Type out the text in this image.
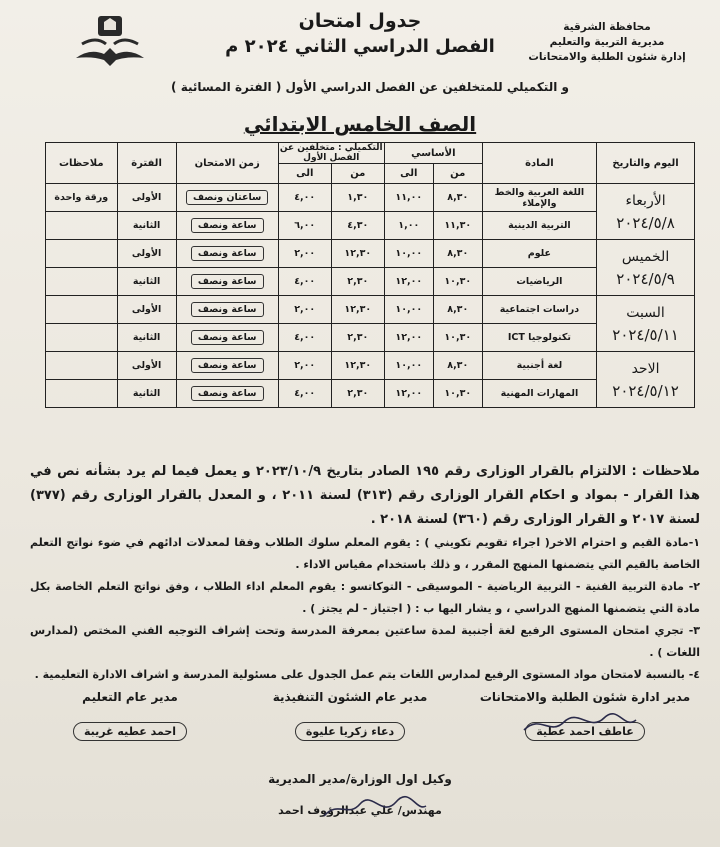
محافظة الشرقية
مديرية التربية والتعليم
إدارة شئون الطلبة والامتحانات
جدول امتحان
الفصل الدراسي الثاني ٢٠٢٤ م
و التكميلي للمتخلفين عن الفصل الدراسي الأول ( الفترة المسائية )
الصف الخامس الابتدائي
اليوم والتاريخ	المادة	الأساسي		التكميلي : متخلفين عن الفصل الأول		زمن الامتحان	الفترة	ملاحظات
		من	الى	من	الى			

الأربعاء
٢٠٢٤/٥/٨	اللغة العربية والخط والإملاء	٨,٣٠	١١,٠٠	١,٣٠	٤,٠٠	ساعتان ونصف	الأولى	ورقة واحدة
	التربية الدينية	١١,٣٠	١,٠٠	٤,٣٠	٦,٠٠	ساعة ونصف	الثانية	

الخميس
٢٠٢٤/٥/٩	علوم	٨,٣٠	١٠,٠٠	١٢,٣٠	٢,٠٠	ساعة ونصف	الأولى	
	الرياضيات	١٠,٣٠	١٢,٠٠	٢,٣٠	٤,٠٠	ساعة ونصف	الثانية	

السبت
٢٠٢٤/٥/١١	دراسات اجتماعية	٨,٣٠	١٠,٠٠	١٢,٣٠	٢,٠٠	ساعة ونصف	الأولى	
	تكنولوجيا ICT	١٠,٣٠	١٢,٠٠	٢,٣٠	٤,٠٠	ساعة ونصف	الثانية	

الاحد
٢٠٢٤/٥/١٢	لغة أجنبية	٨,٣٠	١٠,٠٠	١٢,٣٠	٢,٠٠	ساعة ونصف	الأولى	
	المهارات المهنية	١٠,٣٠	١٢,٠٠	٢,٣٠	٤,٠٠	ساعة ونصف	الثانية	

ملاحظات : الالتزام بالقرار الوزارى رقم ١٩٥ الصادر بتاريخ ٢٠٢٣/١٠/٩ و يعمل فيما لم يرد بشأنه نص في هذا القرار - بمواد و احكام القرار الوزارى رقم (٣١٣) لسنة ٢٠١١ ، و المعدل بالقرار الوزارى رقم (٣٧٧) لسنة ٢٠١٧ و القرار الوزارى رقم (٣٦٠) لسنة ٢٠١٨ .

١-مادة القيم و احترام الاخر( اجراء تقويم تكويني ) : يقوم المعلم سلوك الطلاب وفقا لمعدلات ادائهم في ضوء نواتج التعلم الخاصة بالقيم التي يتضمنها المنهج المقرر ، و ذلك باستخدام مقياس الاداء .

٢- مادة التربية الفنية - التربية الرياضية - الموسيقى - التوكاتسو : يقوم المعلم اداء الطلاب ، وفق نواتج التعلم الخاصة بكل مادة التي يتضمنها المنهج الدراسي ، و يشار اليها ب : ( اجتياز - لم يجتز ) .

٣- تجري امتحان المستوى الرفيع لغة أجنبية لمدة ساعتين بمعرفة المدرسة وتحت إشراف التوجيه الفني المختص (لمدارس اللغات ) .

٤- بالنسبة لامتحان مواد المستوى الرفيع لمدارس اللغات يتم عمل الجدول على مسئولية المدرسة و اشراف الادارة التعليمية .

مدير ادارة شئون الطلبة والامتحانات
عاطف احمد عطية
مدير عام الشئون التنفيذية
دعاء زكريا عليوة
مدير عام التعليم
احمد عطيه غريبة
وكيل اول الوزارة/مدير المديرية
مهندس/ علي عبدالرؤوف احمد
